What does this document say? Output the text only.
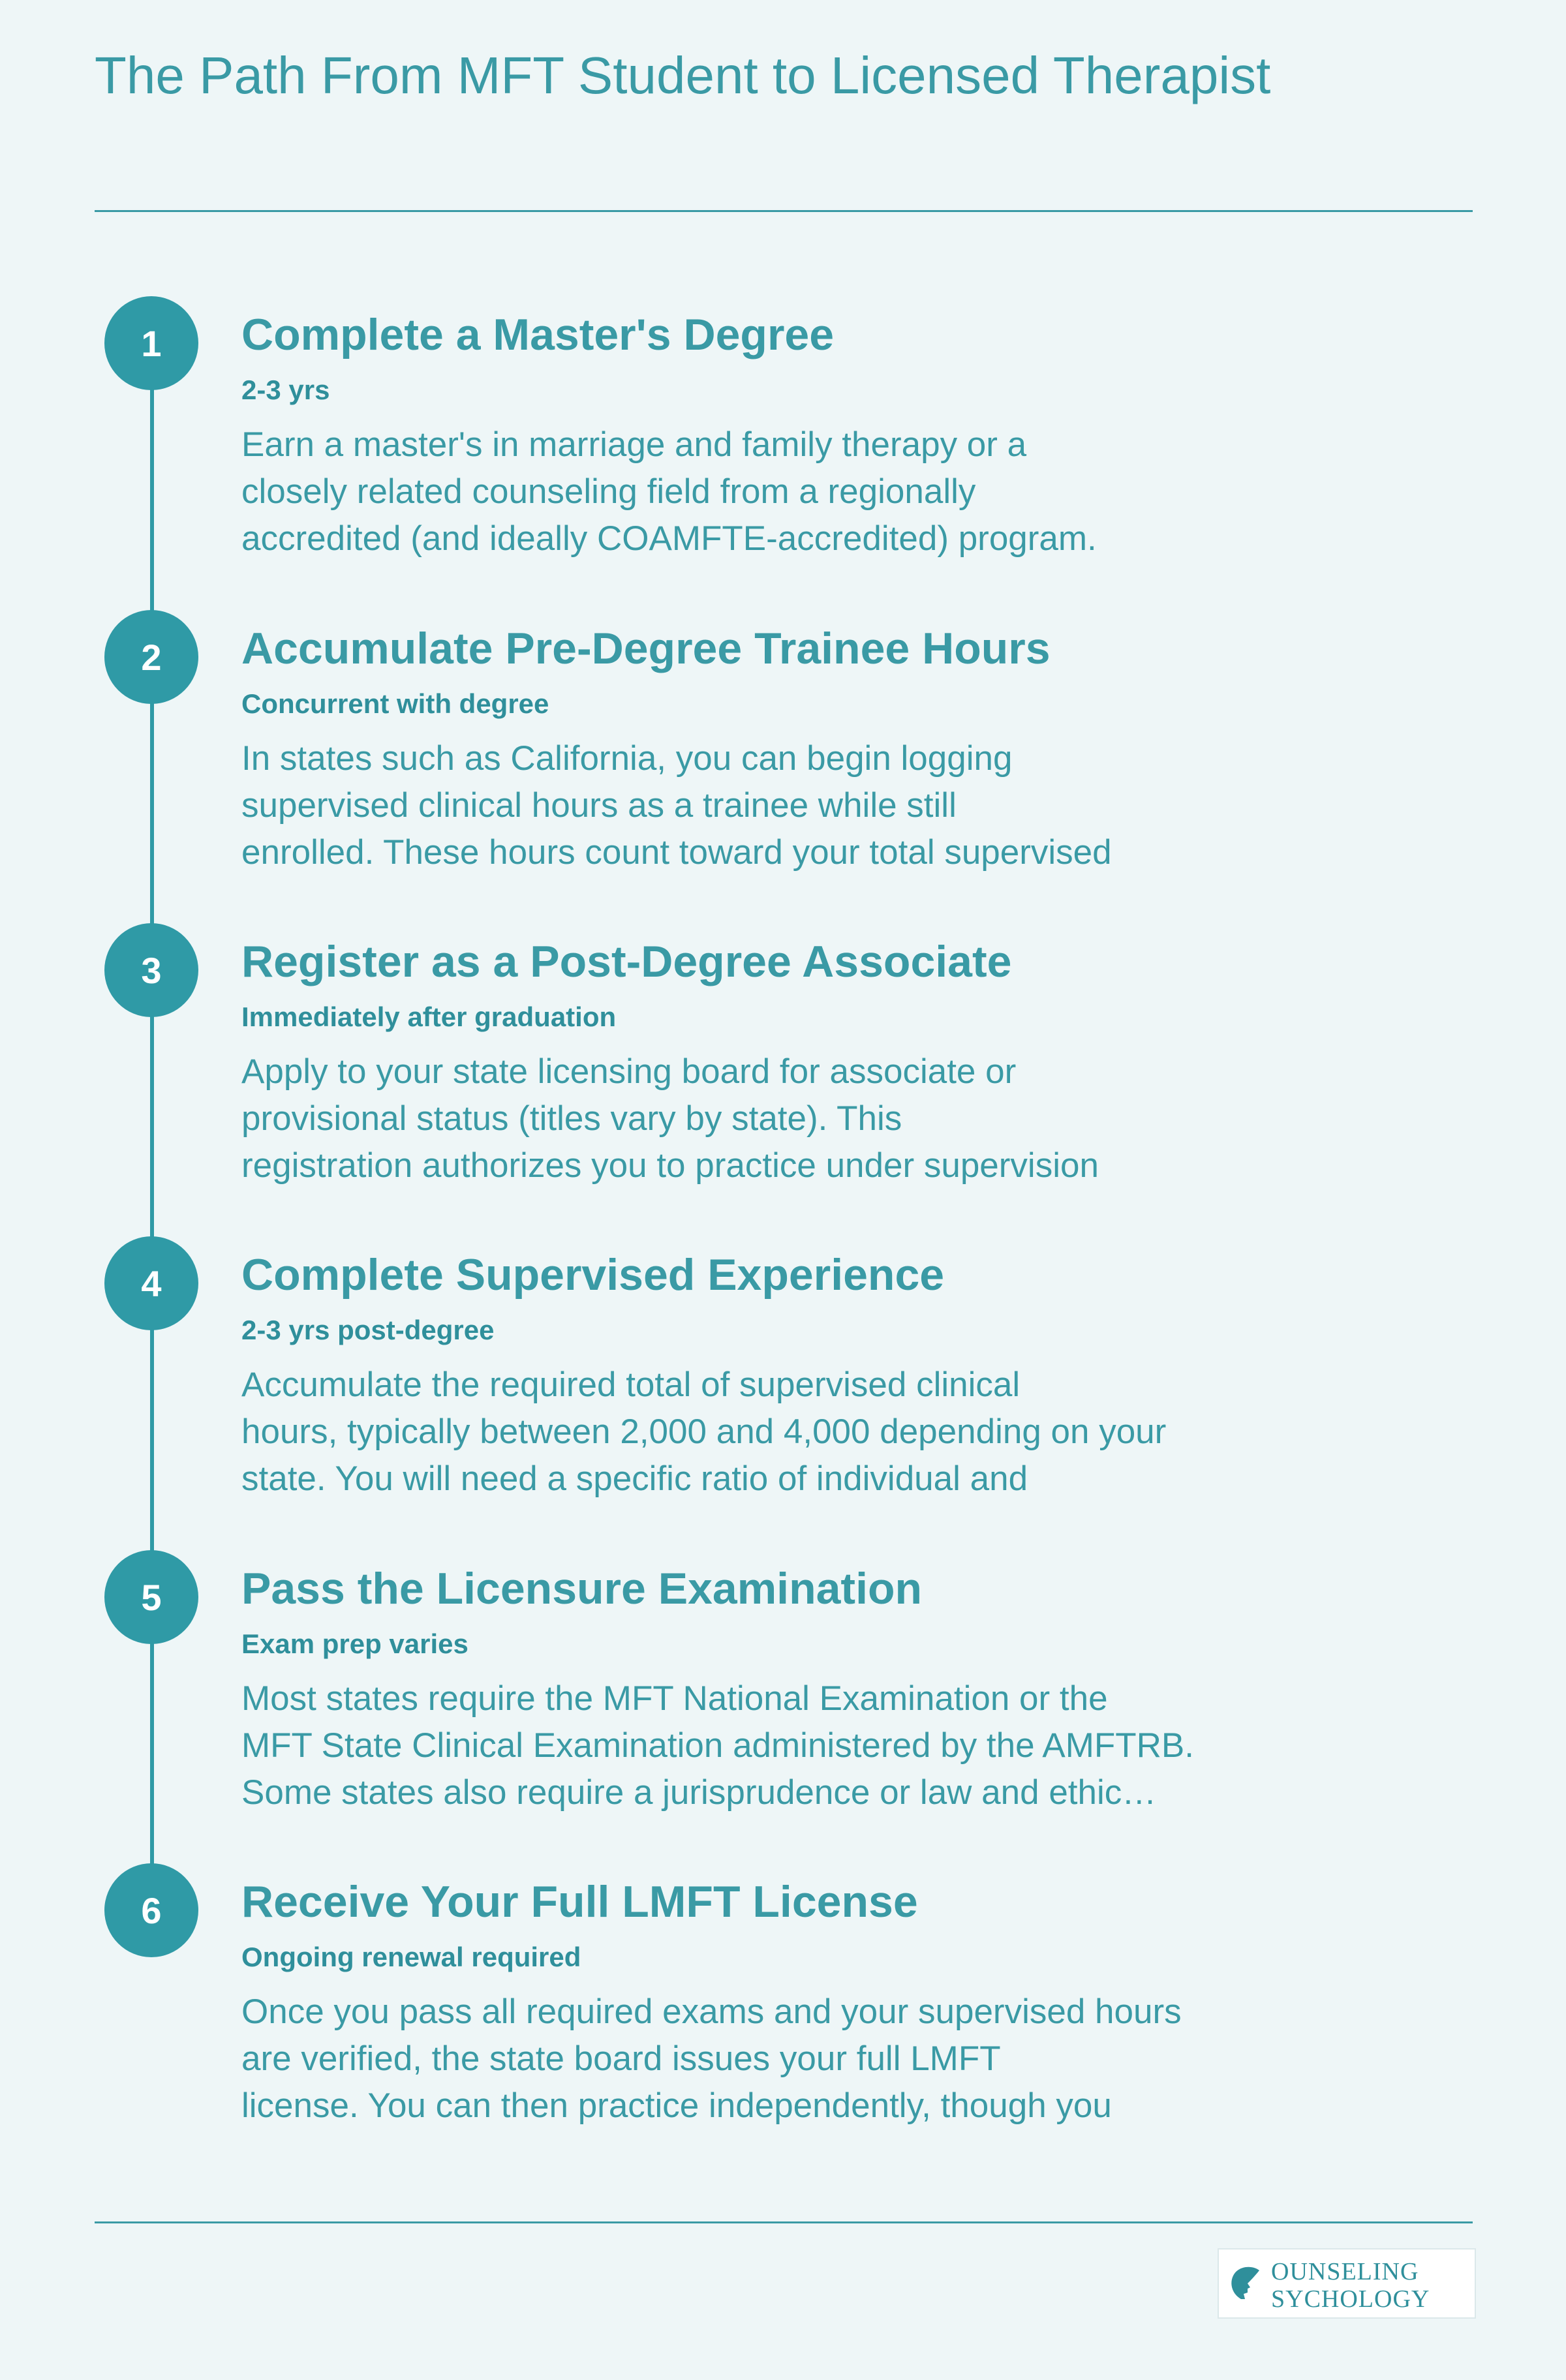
The Path From MFT Student to Licensed Therapist
1	Complete a Master's Degree

2-3 yrs

Earn a master's in marriage and family therapy or a
closely related counseling field from a regionally
accredited (and ideally COAMFTE-accredited) program.

2	Accumulate Pre-Degree Trainee Hours

Concurrent with degree

In states such as California, you can begin logging
supervised clinical hours as a trainee while still
enrolled. These hours count toward your total supervised

3	Register as a Post-Degree Associate

Immediately after graduation

Apply to your state licensing board for associate or
provisional status (titles vary by state). This
registration authorizes you to practice under supervision

4	Complete Supervised Experience

2-3 yrs post-degree

Accumulate the required total of supervised clinical
hours, typically between 2,000 and 4,000 depending on your
state. You will need a specific ratio of individual and

5	Pass the Licensure Examination

Exam prep varies

Most states require the MFT National Examination or the
MFT State Clinical Examination administered by the AMFTRB.
Some states also require a jurisprudence or law and ethic…

6	Receive Your Full LMFT License

Ongoing renewal required

Once you pass all required exams and your supervised hours
are verified, the state board issues your full LMFT
license. You can then practice independently, though you

OUNSELING
SYCHOLOGY
